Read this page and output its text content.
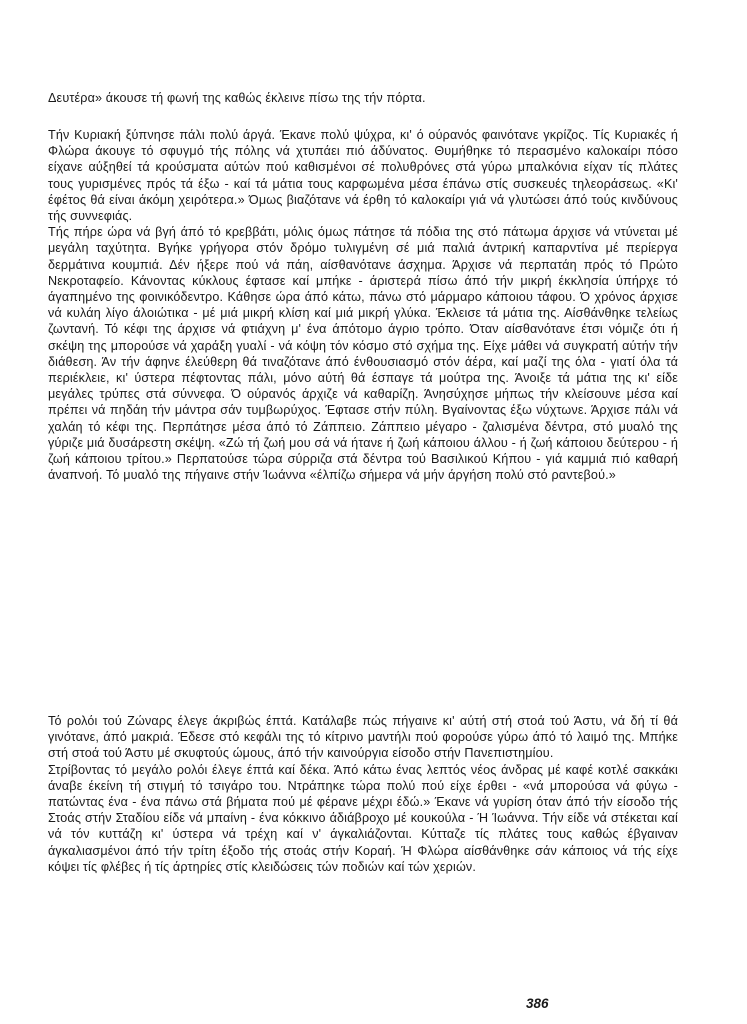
Δευτέρα» άκουσε τή φωνή της καθώς έκλεινε πίσω της τήν πόρτα.

Τήν Κυριακή ξύπνησε πάλι πολύ άργά. Έκανε πολύ ψύχρα, κι' ό ούρανός φαινότανε γκρίζος. Τίς Κυριακές ή Φλώρα άκουγε τό σφυγμό τής πόλης νά χτυπάει πιό άδύνατος. Θυμήθηκε τό περασμένο καλοκαίρι πόσο είχανε αύξηθεί τά κρούσματα αύτών πού καθισμένοι σέ πολυθρόνες στά γύρω μπαλκόνια είχαν τίς πλάτες τους γυρισμένες πρός τά έξω - καί τά μάτια τους καρφωμένα μέσα έπάνω στίς συσκευές τηλεοράσεως. «Κι' έφέτος θά είναι άκόμη χειρότερα.» Όμως βιαζότανε νά έρθη τό καλοκαίρι γιά νά γλυτώσει άπό τούς κινδύνους τής συννεφιάς.

Τής πήρε ώρα νά βγή άπό τό κρεββάτι, μόλις όμως πάτησε τά πόδια της στό πάτωμα άρχισε νά ντύνεται μέ μεγάλη ταχύτητα. Βγήκε γρήγορα στόν δρόμο τυλιγμένη σέ μιά παλιά άντρική καπαρντίνα μέ περίεργα δερμάτινα κουμπιά. Δέν ήξερε πού νά πάη, αίσθανότανε άσχημα. Άρχισε νά περπατάη πρός τό Πρώτο Νεκροταφείο. Κάνοντας κύκλους έφτασε καί μπήκε - άριστερά πίσω άπό τήν μικρή έκκλησία ύπήρχε τό άγαπημένο της φοινικόδεντρο. Κάθησε ώρα άπό κάτω, πάνω στό μάρμαρο κάποιου τάφου. Ό χρόνος άρχισε νά κυλάη λίγο άλοιώτικα - μέ μιά μικρή κλίση καί μιά μικρή γλύκα. Έκλεισε τά μάτια της. Αίσθάνθηκε τελείως ζωντανή. Τό κέφι της άρχισε νά φτιάχνη μ' ένα άπότομο άγριο τρόπο. Όταν αίσθανότανε έτσι νόμιζε ότι ή σκέψη της μπορούσε νά χαράξη γυαλί - νά κόψη τόν κόσμο στό σχήμα της. Είχε μάθει νά συγκρατή αύτήν τήν διάθεση. Άν τήν άφηνε έλεύθερη θά τιναζότανε άπό ένθουσιασμό στόν άέρα, καί μαζί της όλα - γιατί όλα τά περιέκλειε, κι' ύστερα πέφτοντας πάλι, μόνο αύτή θά έσπαγε τά μούτρα της. Άνοιξε τά μάτια της κι' είδε μεγάλες τρύπες στά σύννεφα. Ό ούρανός άρχιζε νά καθαρίζη. Άνησύχησε μήπως τήν κλείσουνε μέσα καί πρέπει νά πηδάη τήν μάντρα σάν τυμβωρύχος. Έφτασε στήν πύλη. Βγαίνοντας έξω νύχτωνε. Άρχισε πάλι νά χαλάη τό κέφι της. Περπάτησε μέσα άπό τό Ζάππειο. Ζάππειο μέγαρο - ζαλισμένα δέντρα, στό μυαλό της γύριζε μιά δυσάρεστη σκέψη. «Ζώ τή ζωή μου σά νά ήτανε ή ζωή κάποιου άλλου - ή ζωή κάποιου δεύτερου - ή ζωή κάποιου τρίτου.» Περπατούσε τώρα σύρριζα στά δέντρα τού Βασιλικού Κήπου - γιά καμμιά πιό καθαρή άναπνοή. Τό μυαλό της πήγαινε στήν Ίωάννα «έλπίζω σήμερα νά μήν άργήση πολύ στό ραντεβού.»

Τό ρολόι τού Ζώναρς έλεγε άκριβώς έπτά. Κατάλαβε πώς πήγαινε κι' αύτή στή στοά τού Άστυ, νά δή τί θά γινότανε, άπό μακριά. Έδεσε στό κεφάλι της τό κίτρινο μαντήλι πού φορούσε γύρω άπό τό λαιμό της. Μπήκε στή στοά τού Άστυ μέ σκυφτούς ώμους, άπό τήν καινούργια είσοδο στήν Πανεπιστημίου.

Στρίβοντας τό μεγάλο ρολόι έλεγε έπτά καί δέκα. Άπό κάτω ένας λεπτός νέος άνδρας μέ καφέ κοτλέ σακκάκι άναβε έκείνη τή στιγμή τό τσιγάρο του. Ντράπηκε τώρα πολύ πού είχε έρθει - «νά μπορούσα νά φύγω - πατώντας ένα - ένα πάνω στά βήματα πού μέ φέρανε μέχρι έδώ.» Έκανε νά γυρίση όταν άπό τήν είσοδο τής Στοάς στήν Σταδίου είδε νά μπαίνη - ένα κόκκινο άδιάβροχο μέ κουκούλα - Ή Ίωάννα. Τήν είδε νά στέκεται καί νά τόν κυττάζη κι' ύστερα νά τρέχη καί ν' άγκαλιάζονται. Κύτταζε τίς πλάτες τους καθώς έβγαιναν άγκαλιασμένοι άπό τήν τρίτη έξοδο τής στοάς στήν Κοραή. Ή Φλώρα αίσθάνθηκε σάν κάποιος νά τής είχε κόψει τίς φλέβες ή τίς άρτηρίες στίς κλειδώσεις τών ποδιών καί τών χεριών.

386
